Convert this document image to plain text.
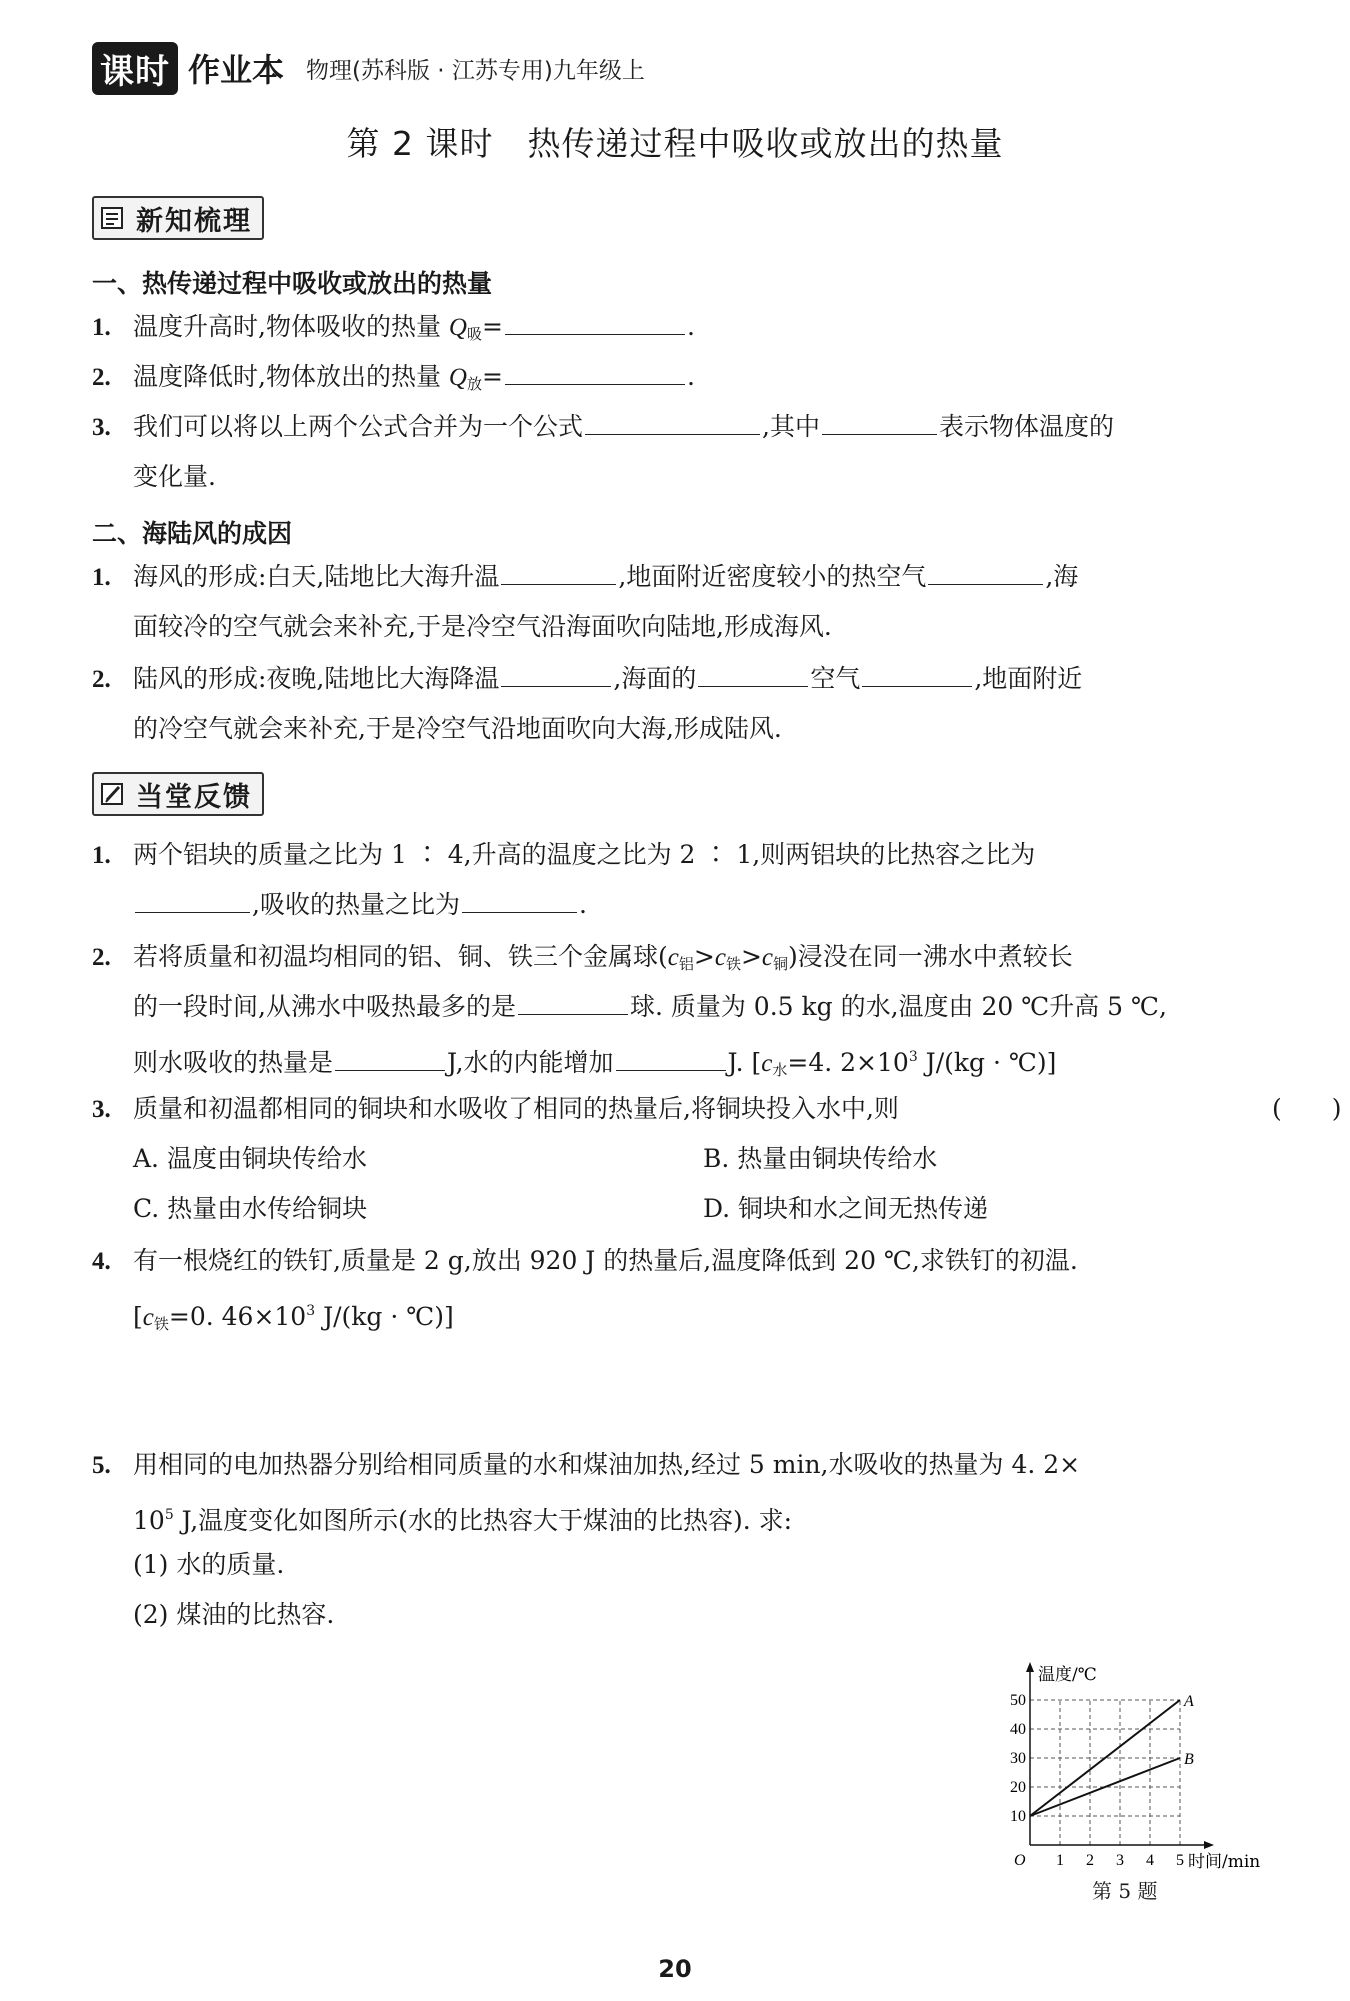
课时 作业本 物理(苏科版 · 江苏专用)九年级上
第 2 课时　热传递过程中吸收或放出的热量
新知梳理
一、热传递过程中吸收或放出的热量
1. 温度升高时,物体吸收的热量 $Q_吸=$	.
2. 温度降低时,物体放出的热量 $Q_放=$	.
3. 我们可以将以上两个公式合并为一个公式	,其中	表示物体温度的
变化量.
二、海陆风的成因
1. 海风的形成:白天,陆地比大海升温	,地面附近密度较小的热空气	,海
面较冷的空气就会来补充,于是冷空气沿海面吹向陆地,形成海风.
2. 陆风的形成:夜晚,陆地比大海降温	,海面的	空气	,地面附近
的冷空气就会来补充,于是冷空气沿地面吹向大海,形成陆风.
当堂反馈
1. 两个铝块的质量之比为 1 ∶ 4,升高的温度之比为 2 ∶ 1,则两铝块的比热容之比为
,吸收的热量之比为	.
2. 若将质量和初温均相同的铝、铜、铁三个金属球$(c_铝>c_铁>c_铜)$浸没在同一沸水中煮较长
的一段时间,从沸水中吸热最多的是	球. 质量为 0.5 kg 的水,温度由 20 ℃升高 5 ℃,
则水吸收的热量是	J,水的内能增加	J. [$c_水=4$. $2\times 10^3$ J/(kg · ℃)]
3. 质量和初温都相同的铜块和水吸收了相同的热量后,将铜块投入水中,则	(　　)
A. 温度由铜块传给水	B. 热量由铜块传给水
C. 热量由水传给铜块	D. 铜块和水之间无热传递
4. 有一根烧红的铁钉,质量是 2 g,放出 920 J 的热量后,温度降低到 20 ℃,求铁钉的初温.
[$c_铁=0$. $46\times 10^3$ J/(kg · ℃)]
5. 用相同的电加热器分别给相同质量的水和煤油加热,经过 5 min,水吸收的热量为 4. 2×
$10^5$ J,温度变化如图所示(水的比热容大于煤油的比热容). 求:
(1) 水的质量.
(2) 煤油的比热容.
温度/℃
时间/min
O 1 2 3 4 5
10
20
30
40
50	A
B
第 5 题
20
